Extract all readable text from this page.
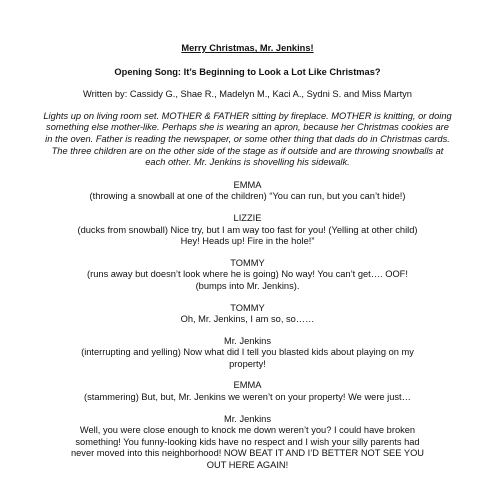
Merry Christmas, Mr. Jenkins!
Opening Song: It’s Beginning to Look a Lot Like Christmas?
Written by: Cassidy G., Shae R., Madelyn M., Kaci A., Sydni S. and Miss Martyn
Lights up on living room set. MOTHER & FATHER sitting by fireplace. MOTHER is knitting, or doing something else mother-like. Perhaps she is wearing an apron, because her Christmas cookies are in the oven. Father is reading the newspaper, or some other thing that dads do in Christmas cards. The three children are on the other side of the stage as if outside and are throwing snowballs at each other. Mr. Jenkins is shovelling his sidewalk.
EMMA
(throwing a snowball at one of the children) “You can run, but you can’t hide!)
LIZZIE
(ducks from snowball) Nice try, but I am way too fast for you! (Yelling at other child)
Hey! Heads up! Fire in the hole!”
TOMMY
(runs away but doesn’t look where he is going) No way! You can’t get…. OOF!
(bumps into Mr. Jenkins).
TOMMY
Oh, Mr. Jenkins, I am so, so……
Mr. Jenkins
(interrupting and yelling) Now what did I tell you blasted kids about playing on my
property!
EMMA
(stammering) But, but, Mr. Jenkins we weren’t on your property! We were just…
Mr. Jenkins
Well, you were close enough to knock me down weren’t you? I could have broken
something! You funny-looking kids have no respect and I wish your silly parents had
never moved into this neighborhood! NOW BEAT IT AND I’D BETTER NOT SEE YOU
OUT HERE AGAIN!
